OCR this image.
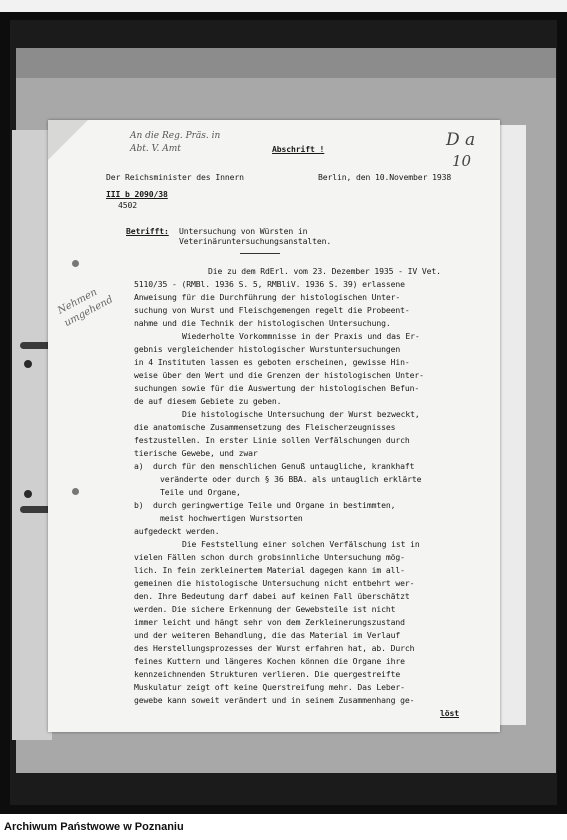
An die Reg. Präs. in Abt. V. Amt	Abschrift !	D a
10
Der Reichsminister des Innern	Berlin, den 10.November 1938
III b 2090/38
4502
Betrifft: Untersuchung von Würsten in
Veterinäruntersuchungsanstalten.
Nehmen umgehend
Die zu dem RdErl. vom 23. Dezember 1935 - IV Vet.
5110/35 - (RMBl. 1936 S. 5, RMBliV. 1936 S. 39) erlassene
Anweisung für die Durchführung der histologischen Unter-
suchung von Wurst und Fleischgemengen regelt die Probeent-
nahme und die Technik der histologischen Untersuchung.
Wiederholte Vorkommnisse in der Praxis und das Er-
gebnis vergleichender histologischer Wurstuntersuchungen
in 4 Instituten lassen es geboten erscheinen, gewisse Hin-
weise über den Wert und die Grenzen der histologischen Unter-
suchungen sowie für die Auswertung der histologischen Befun-
de auf diesem Gebiete zu geben.
Die histologische Untersuchung der Wurst bezweckt,
die anatomische Zusammensetzung des Fleischerzeugnisses
festzustellen. In erster Linie sollen Verfälschungen durch
tierische Gewebe, und zwar
a)  durch für den menschlichen Genuß untaugliche, krankhaft
veränderte oder durch § 36 BBA. als untauglich erklärte
Teile und Organe,
b)  durch geringwertige Teile und Organe in bestimmten,
meist hochwertigen Wurstsorten
aufgedeckt werden.
Die Feststellung einer solchen Verfälschung ist in
vielen Fällen schon durch grobsinnliche Untersuchung mög-
lich. In fein zerkleinertem Material dagegen kann im all-
gemeinen die histologische Untersuchung nicht entbehrt wer-
den. Ihre Bedeutung darf dabei auf keinen Fall überschätzt
werden. Die sichere Erkennung der Gewebsteile ist nicht
immer leicht und hängt sehr von dem Zerkleinerungszustand
und der weiteren Behandlung, die das Material im Verlauf
des Herstellungsprozesses der Wurst erfahren hat, ab. Durch
feines Kuttern und längeres Kochen können die Organe ihre
kennzeichnenden Strukturen verlieren. Die quergestreifte
Muskulatur zeigt oft keine Querstreifung mehr. Das Leber-
gewebe kann soweit verändert und in seinem Zusammenhang ge-
löst
Archiwum Państwowe w Poznaniu
